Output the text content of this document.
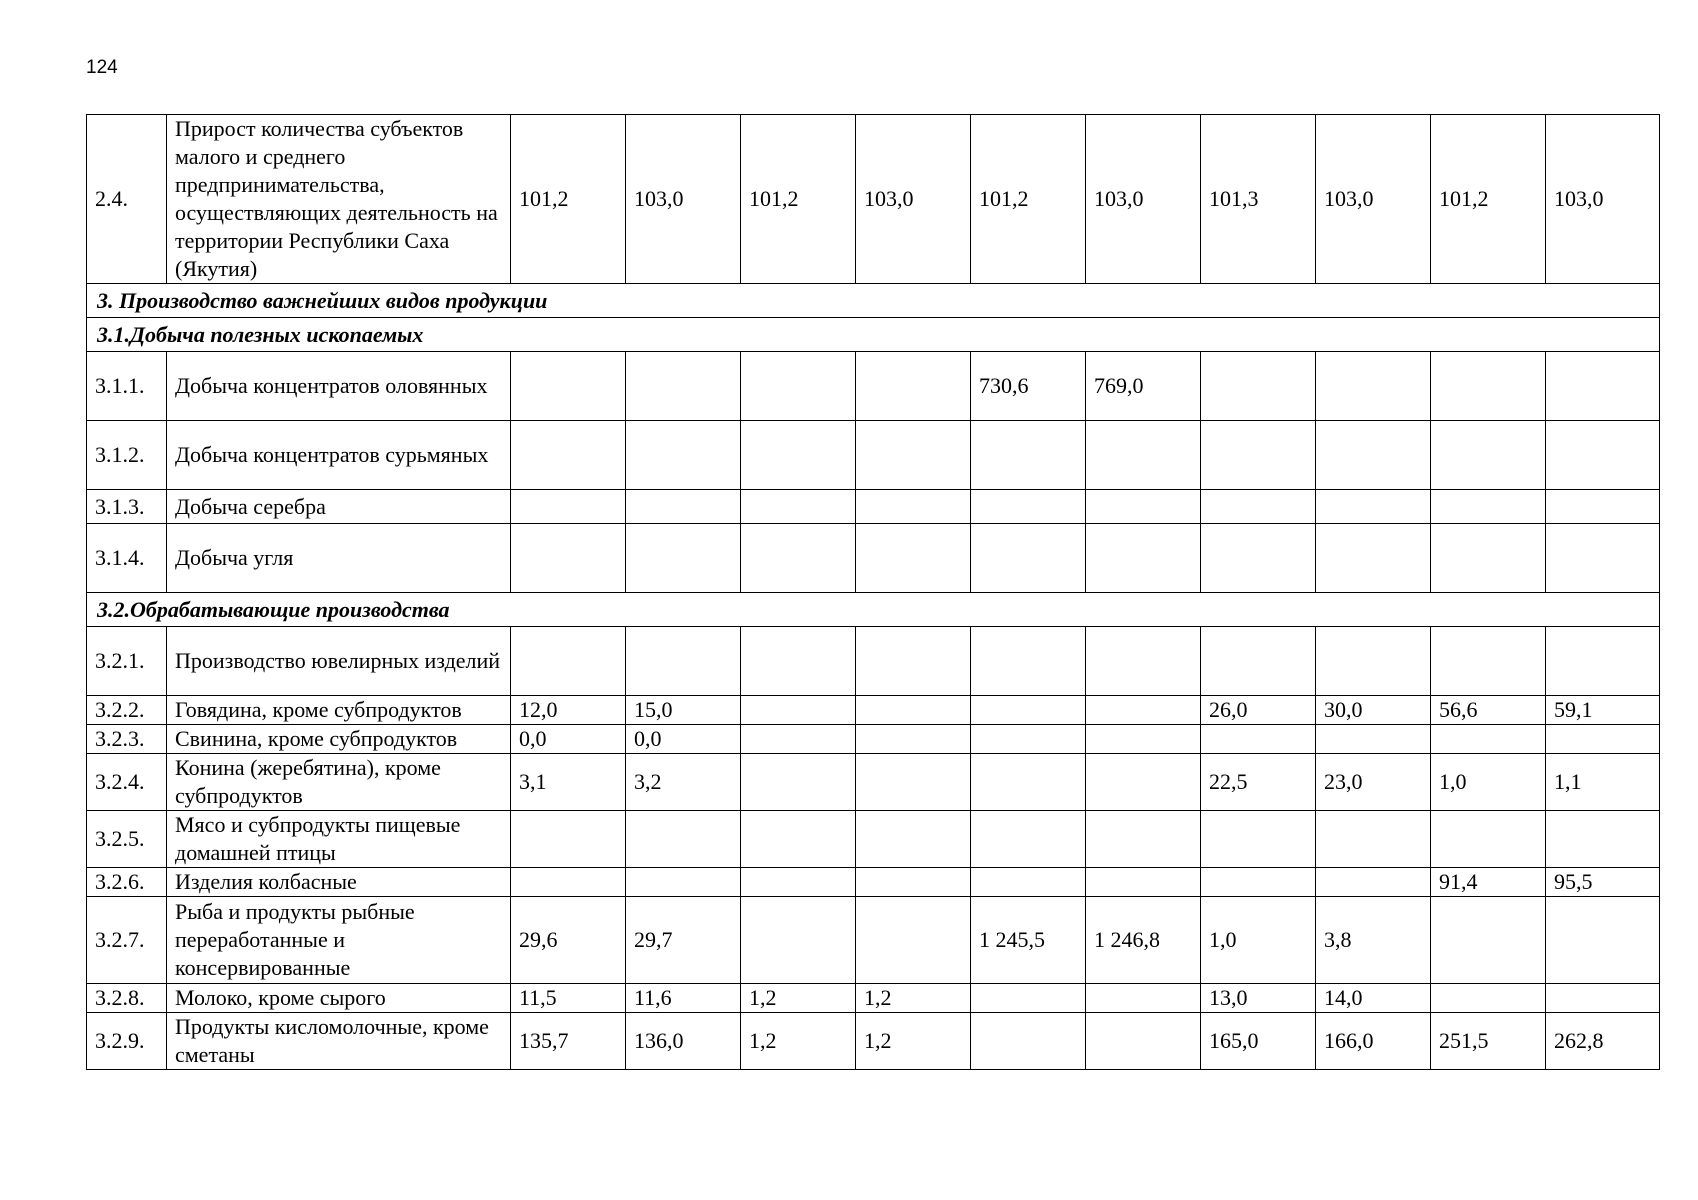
124
2.4.	Прирост количества субъектов малого и среднего предпринимательства, осуществляющих деятельность на территории Республики Саха (Якутия)	101,2	103,0	101,2	103,0	101,2	103,0	101,3	103,0	101,2	103,0
3. Производство важнейших видов продукции											
3.1.Добыча полезных ископаемых											
3.1.1.	Добыча концентратов оловянных					730,6	769,0				
3.1.2.	Добыча концентратов сурьмяных										
3.1.3.	Добыча серебра										
3.1.4.	Добыча угля										
3.2.Обрабатывающие производства											
3.2.1.	Производство ювелирных изделий										
3.2.2.	Говядина, кроме субпродуктов	12,0	15,0					26,0	30,0	56,6	59,1
3.2.3.	Свинина, кроме субпродуктов	0,0	0,0								
3.2.4.	Конина (жеребятина), кроме субпродуктов	3,1	3,2					22,5	23,0	1,0	1,1
3.2.5.	Мясо и субпродукты пищевые домашней птицы										
3.2.6.	Изделия колбасные									91,4	95,5
3.2.7.	Рыба и продукты рыбные переработанные и консервированные	29,6	29,7			1 245,5	1 246,8	1,0	3,8		
3.2.8.	Молоко, кроме сырого	11,5	11,6	1,2	1,2			13,0	14,0		
3.2.9.	Продукты кисломолочные, кроме сметаны	135,7	136,0	1,2	1,2			165,0	166,0	251,5	262,8
